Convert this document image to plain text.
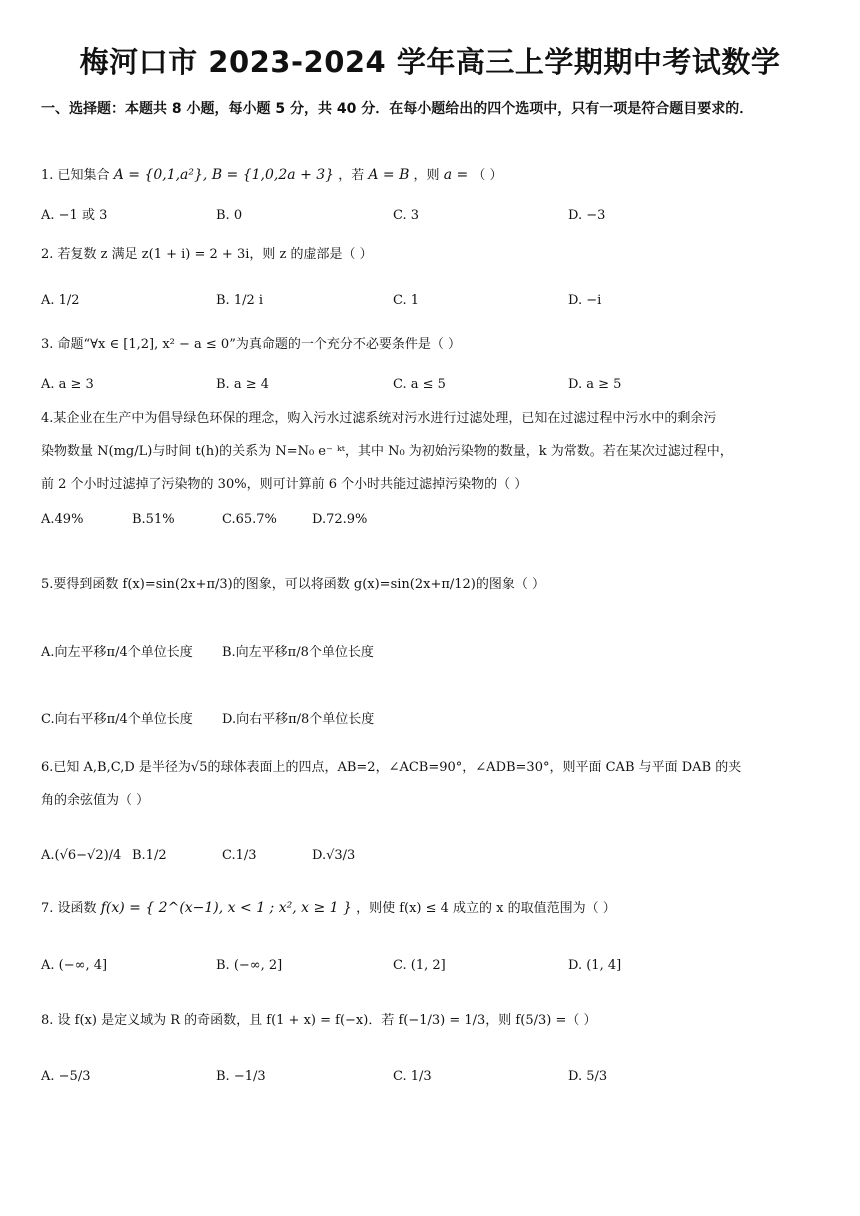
梅河口市 2023-2024 学年高三上学期期中考试数学
一、选择题：本题共 8 小题，每小题 5 分，共 40 分．在每小题给出的四个选项中，只有一项是符合题目要求的．
1. 已知集合 A = {0,1,a²}, B = {1,0,2a + 3} ，若 A = B ，则 a = （ ）
A. −1 或 3	B. 0	C. 3	D. −3
2. 若复数 z 满足 z(1 + i) = 2 + 3i，则 z 的虚部是（ ）
A. 1/2	B. 1/2 i	C. 1	D. −i
3. 命题“∀x ∈ [1,2], x² − a ≤ 0”为真命题的一个充分不必要条件是（ ）
A. a ≥ 3	B. a ≥ 4	C. a ≤ 5	D. a ≥ 5
4.某企业在生产中为倡导绿色环保的理念，购入污水过滤系统对污水进行过滤处理，已知在过滤过程中污水中的剩余污
染物数量 N(mg/L)与时间 t(h)的关系为 N=N₀ e⁻ ᵏᵗ，其中 N₀ 为初始污染物的数量，k 为常数。若在某次过滤过程中，
前 2 个小时过滤掉了污染物的 30%，则可计算前 6 个小时共能过滤掉污染物的（ ）
A.49%	B.51%	C.65.7%	D.72.9%
5.要得到函数 f(x)=sin(2x+π/3)的图象，可以将函数 g(x)=sin(2x+π/12)的图象（ ）
A.向左平移π/4个单位长度 B.向左平移π/8个单位长度
C.向右平移π/4个单位长度 D.向右平移π/8个单位长度
6.已知 A,B,C,D 是半径为√5的球体表面上的四点，AB=2，∠ACB=90°，∠ADB=30°，则平面 CAB 与平面 DAB 的夹
角的余弦值为（ ）
A.(√6−√2)/4 B.1/2	C.1/3	D.√3/3
7. 设函数 f(x) = { 2^(x−1), x < 1 ; x², x ≥ 1 } ，则使 f(x) ≤ 4 成立的 x 的取值范围为（ ）
A. (−∞, 4]	B. (−∞, 2]	C. (1, 2]	D. (1, 4]
8. 设 f(x) 是定义域为 R 的奇函数，且 f(1 + x) = f(−x)．若 f(−1/3) = 1/3，则 f(5/3) =（ ）
A. −5/3	B. −1/3	C. 1/3	D. 5/3
